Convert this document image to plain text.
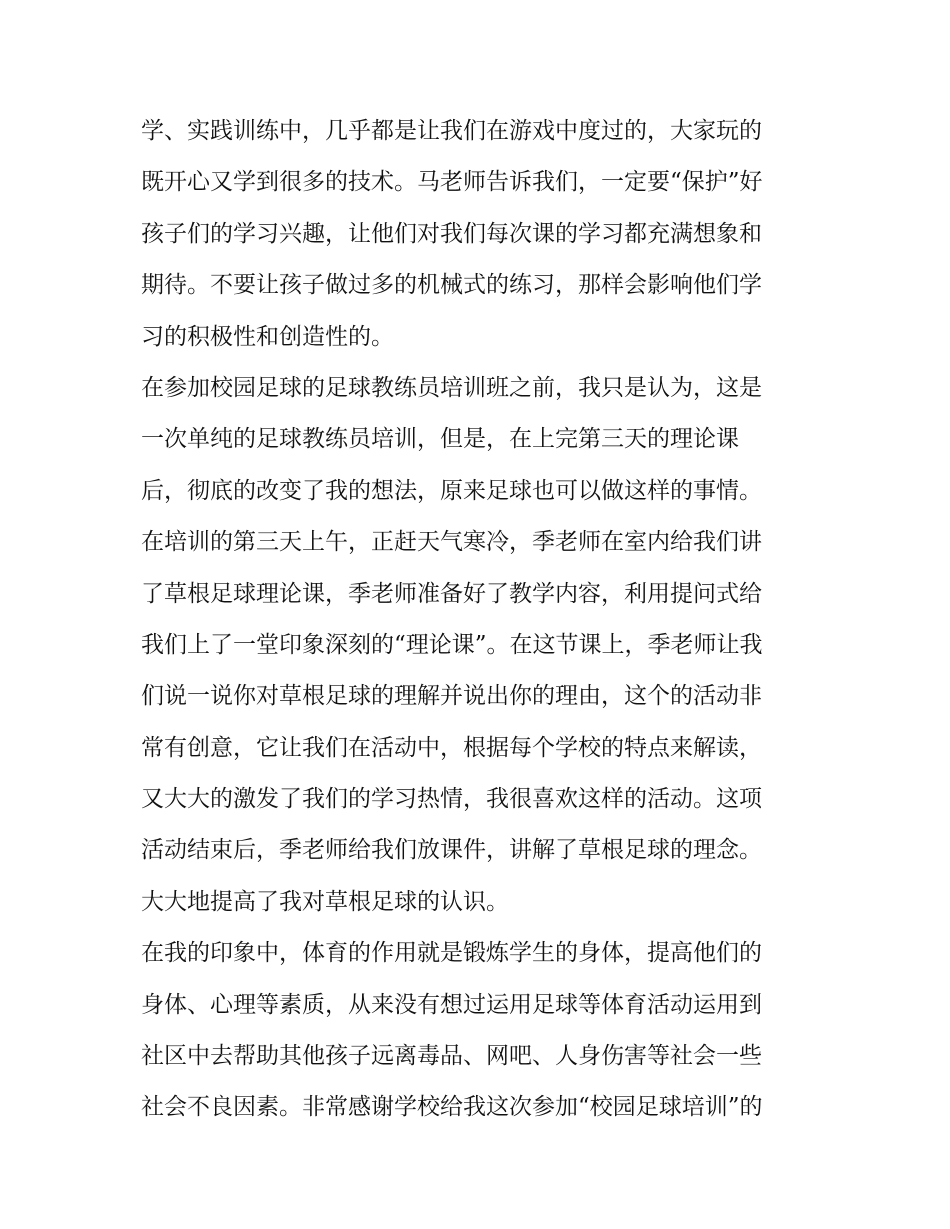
学、实践训练中，几乎都是让我们在游戏中度过的，大家玩的
既开心又学到很多的技术。马老师告诉我们，一定要“保护”好
孩子们的学习兴趣，让他们对我们每次课的学习都充满想象和
期待。不要让孩子做过多的机械式的练习，那样会影响他们学
习的积极性和创造性的。
在参加校园足球的足球教练员培训班之前，我只是认为，这是
一次单纯的足球教练员培训，但是，在上完第三天的理论课
后，彻底的改变了我的想法，原来足球也可以做这样的事情。
在培训的第三天上午，正赶天气寒冷，季老师在室内给我们讲
了草根足球理论课，季老师准备好了教学内容，利用提问式给
我们上了一堂印象深刻的“理论课”。在这节课上，季老师让我
们说一说你对草根足球的理解并说出你的理由，这个的活动非
常有创意，它让我们在活动中，根据每个学校的特点来解读，
又大大的激发了我们的学习热情，我很喜欢这样的活动。这项
活动结束后，季老师给我们放课件，讲解了草根足球的理念。
大大地提高了我对草根足球的认识。
在我的印象中，体育的作用就是锻炼学生的身体，提高他们的
身体、心理等素质，从来没有想过运用足球等体育活动运用到
社区中去帮助其他孩子远离毒品、网吧、人身伤害等社会一些
社会不良因素。非常感谢学校给我这次参加“校园足球培训”的
